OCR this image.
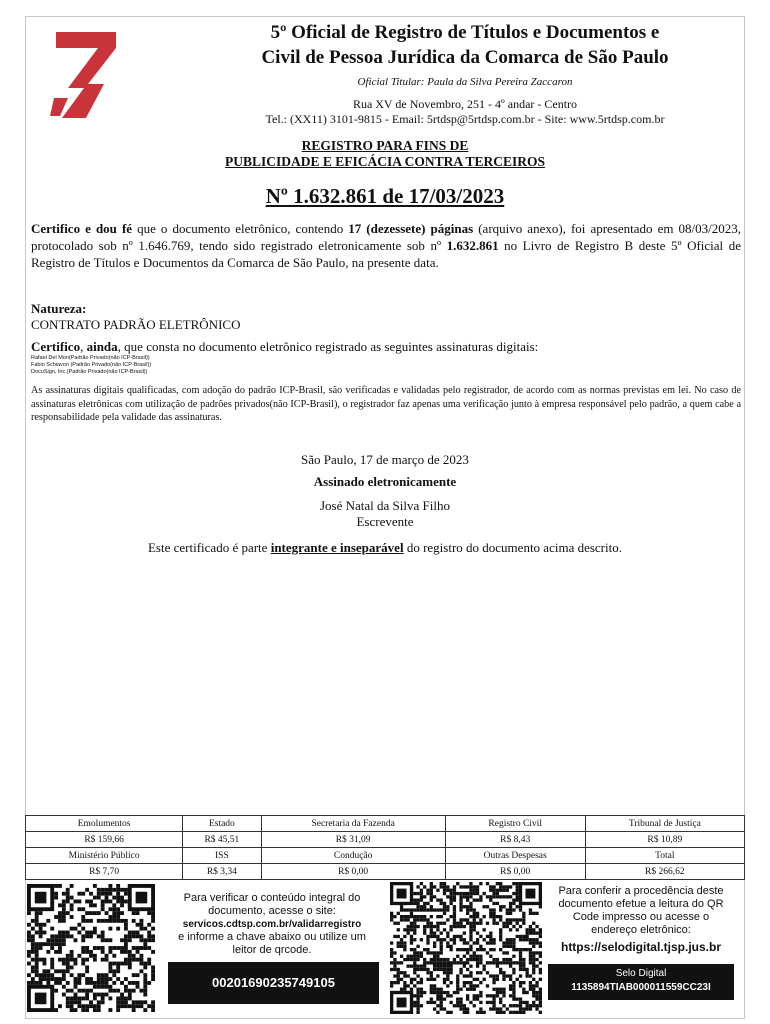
5º Oficial de Registro de Títulos e Documentos e
Civil de Pessoa Jurídica da Comarca de São Paulo
Oficial Titular: Paula da Silva Pereira Zaccaron
Rua XV de Novembro, 251 - 4º andar - Centro
Tel.: (XX11) 3101-9815 - Email: 5rtdsp@5rtdsp.com.br - Site: www.5rtdsp.com.br
REGISTRO PARA FINS DE
PUBLICIDADE E EFICÁCIA CONTRA TERCEIROS
Nº 1.632.861 de 17/03/2023
Certifico e dou fé que o documento eletrônico, contendo 17 (dezessete) páginas (arquivo anexo), foi apresentado em 08/03/2023, protocolado sob nº 1.646.769, tendo sido registrado eletronicamente sob nº 1.632.861 no Livro de Registro B deste 5º Oficial de Registro de Títulos e Documentos da Comarca de São Paulo, na presente data.
Natureza:
CONTRATO PADRÃO ELETRÔNICO
Certifico, ainda, que consta no documento eletrônico registrado as seguintes assinaturas digitais:
Rafael Del Mon(Padrão Privado(não ICP-Brasil))
Fabio Schiavon (Padrão Privado(não ICP-Brasil))
DocuSign, Inc.(Padrão Privado(não ICP-Brasil))
As assinaturas digitais qualificadas, com adoção do padrão ICP-Brasil, são verificadas e validadas pelo registrador, de acordo com as normas previstas em lei. No caso de assinaturas eletrônicas com utilização de padrões privados(não ICP-Brasil), o registrador faz apenas uma verificação junto à empresa responsável pelo padrão, a quem cabe a responsabilidade pela validade das assinaturas.
São Paulo, 17 de março de 2023
Assinado eletronicamente
José Natal da Silva Filho
Escrevente
Este certificado é parte integrante e inseparável do registro do documento acima descrito.
Emolumentos	Estado	Secretaria da Fazenda	Registro Civil	Tribunal de Justiça
R$ 159,66	R$ 45,51	R$ 31,09	R$ 8,43	R$ 10,89
Ministério Público	ISS	Condução	Outras Despesas	Total
R$ 7,70	R$ 3,34	R$ 0,00	R$ 0,00	R$ 266,62
Para verificar o conteúdo integral do
documento, acesse o site:
servicos.cdtsp.com.br/validarregistro
e informe a chave abaixo ou utilize um
leitor de qrcode.
00201690235749105
Para conferir a procedência deste
documento efetue a leitura do QR
Code impresso ou acesse o
endereço eletrônico:
https://selodigital.tjsp.jus.br
Selo Digital
1135894TIAB000011559CC23I
